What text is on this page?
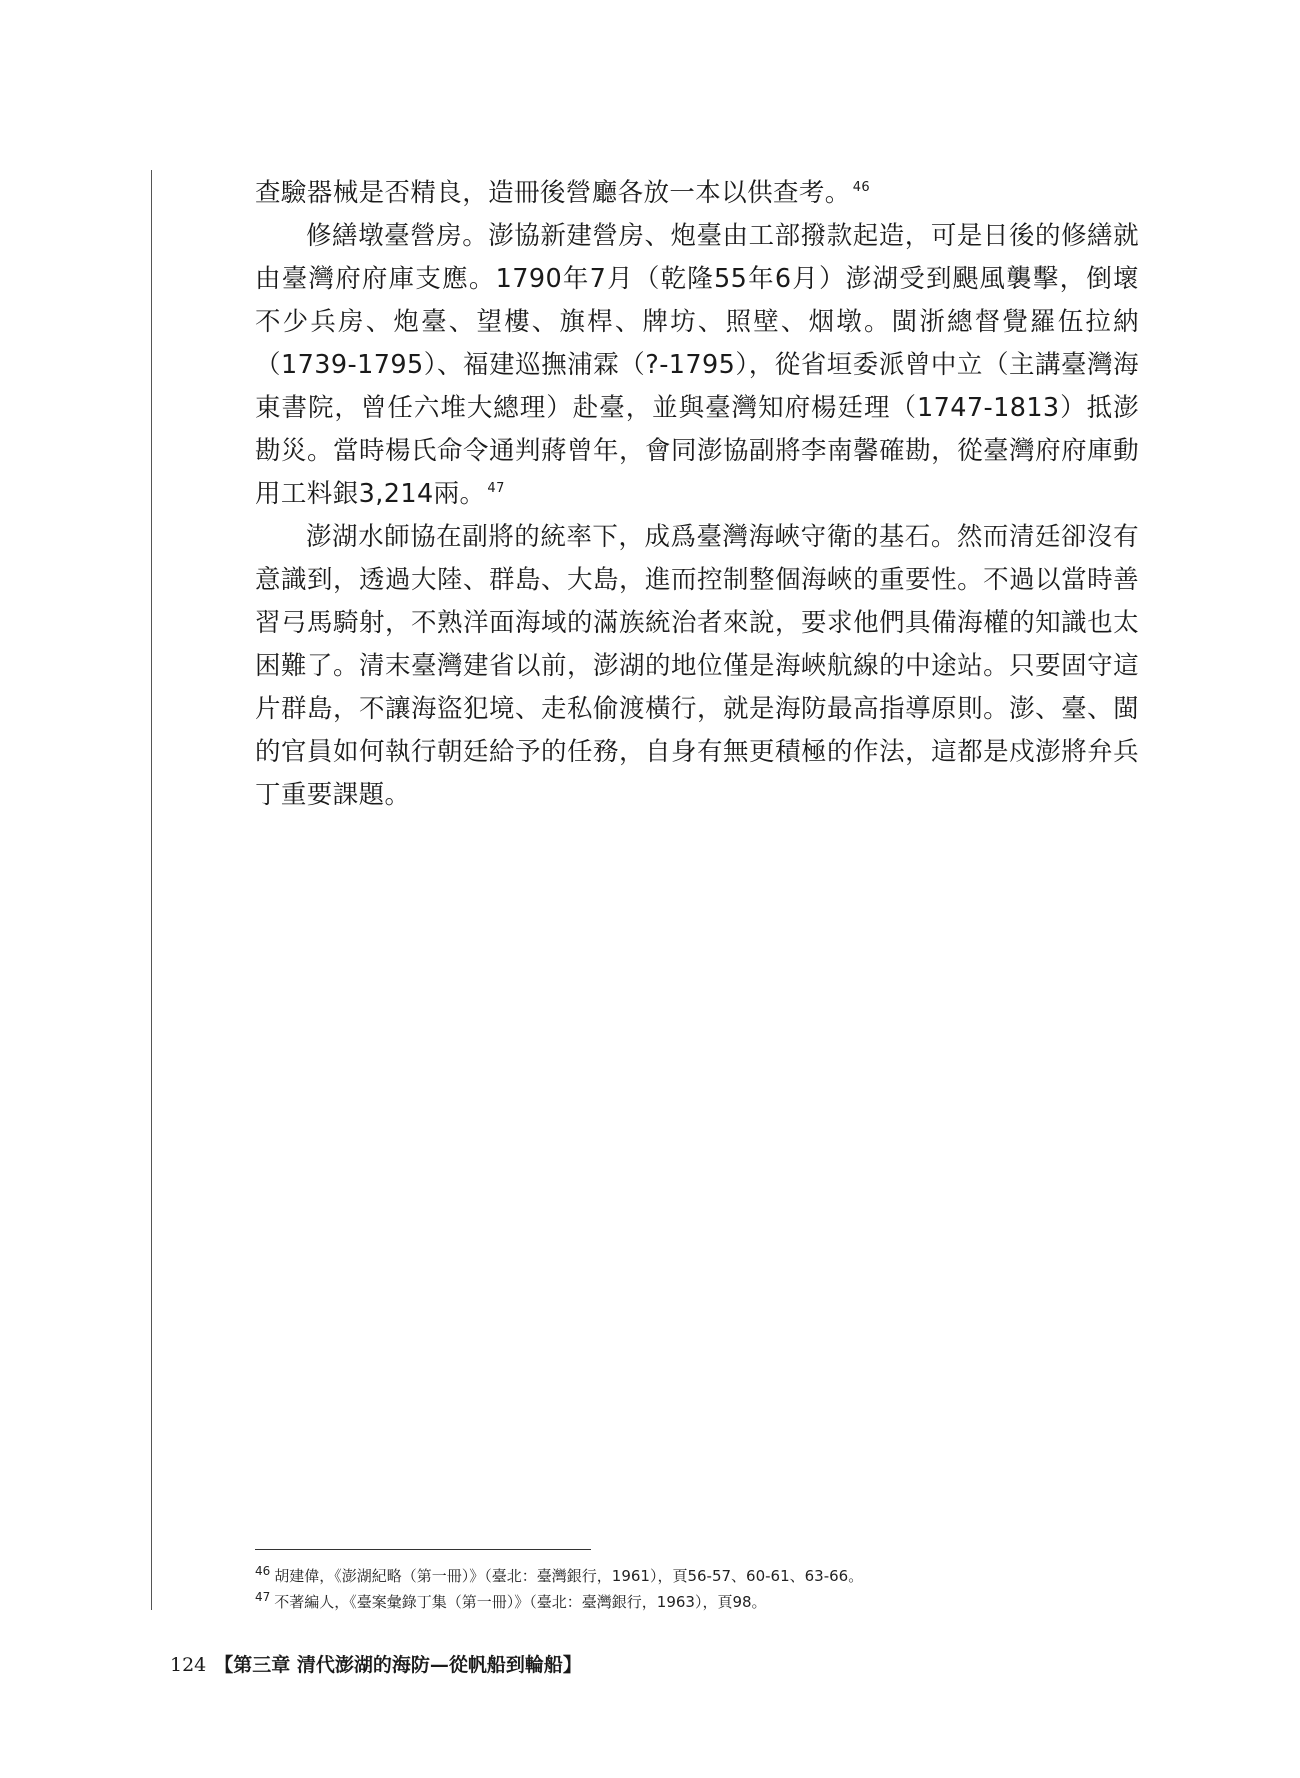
查驗器械是否精良，造冊後營廳各放一本以供查考。 $^{46}$

修繕墩臺營房。澎協新建營房、炮臺由工部撥款起造，可是日後的修繕就由臺灣府府庫支應。1790年7月（乾隆55年6月）澎湖受到颶風襲擊，倒壞不少兵房、炮臺、望樓、旗桿、牌坊、照壁、烟墩。閩浙總督覺羅伍拉納（1739-1795）、福建巡撫浦霖（?-1795），從省垣委派曾中立（主講臺灣海東書院，曾任六堆大總理）赴臺，並與臺灣知府楊廷理（1747-1813）抵澎勘災。當時楊氏命令通判蔣曾年，會同澎協副將李南馨確勘，從臺灣府府庫動用工料銀3,214兩。 $^{47}$

澎湖水師協在副將的統率下，成爲臺灣海峽守衛的基石。然而清廷卻沒有意識到，透過大陸、群島、大島，進而控制整個海峽的重要性。不過以當時善習弓馬騎射，不熟洋面海域的滿族統治者來說，要求他們具備海權的知識也太困難了。清末臺灣建省以前，澎湖的地位僅是海峽航線的中途站。只要固守這片群島，不讓海盜犯境、走私偷渡橫行，就是海防最高指導原則。澎、臺、閩的官員如何執行朝廷給予的任務，自身有無更積極的作法，這都是戍澎將弁兵丁重要課題。

$^{46}$ 胡建偉，《澎湖紀略（第一冊）》（臺北：臺灣銀行，1961），頁56-57、60-61、63-66。
$^{47}$ 不著編人，《臺案彙錄丁集（第一冊）》（臺北：臺灣銀行，1963），頁98。
124 【第三章 清代澎湖的海防—從帆船到輪船】
